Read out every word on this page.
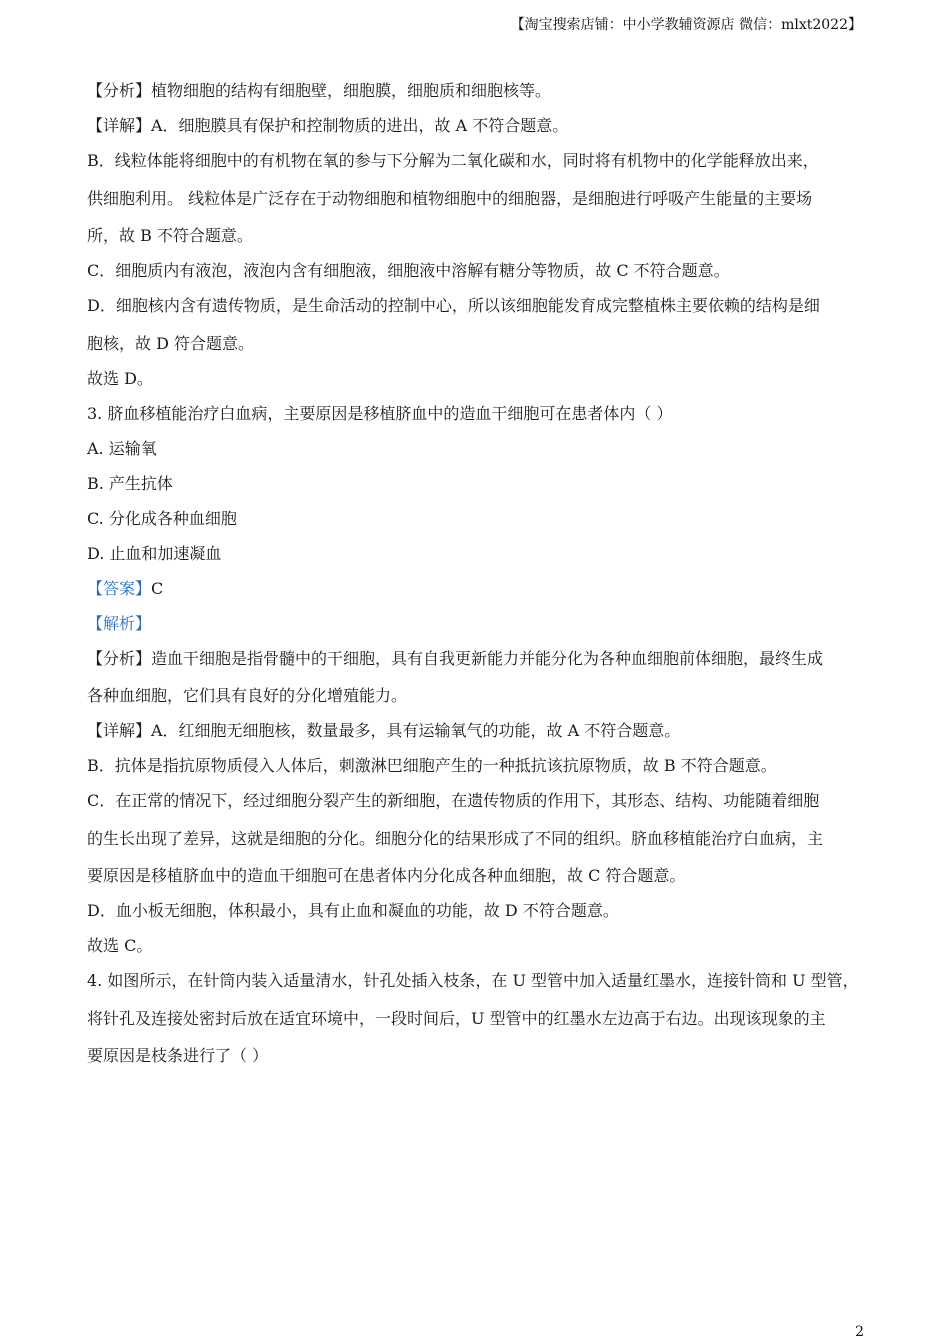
【淘宝搜索店铺：中小学教辅资源店 微信：mlxt2022】
【分析】植物细胞的结构有细胞壁，细胞膜，细胞质和细胞核等。
【详解】A．细胞膜具有保护和控制物质的进出，故 A 不符合题意。
B．线粒体能将细胞中的有机物在氧的参与下分解为二氧化碳和水，同时将有机物中的化学能释放出来，
供细胞利用。 线粒体是广泛存在于动物细胞和植物细胞中的细胞器，是细胞进行呼吸产生能量的主要场
所，故 B 不符合题意。
C．细胞质内有液泡，液泡内含有细胞液，细胞液中溶解有糖分等物质，故 C 不符合题意。
D．细胞核内含有遗传物质，是生命活动的控制中心，所以该细胞能发育成完整植株主要依赖的结构是细
胞核，故 D 符合题意。
故选 D。
3. 脐血移植能治疗白血病，主要原因是移植脐血中的造血干细胞可在患者体内（ ）
A. 运输氧
B. 产生抗体
C. 分化成各种血细胞
D. 止血和加速凝血
【答案】C
【解析】
【分析】造血干细胞是指骨髓中的干细胞，具有自我更新能力并能分化为各种血细胞前体细胞，最终生成
各种血细胞，它们具有良好的分化增殖能力。
【详解】A．红细胞无细胞核，数量最多，具有运输氧气的功能，故 A 不符合题意。
B．抗体是指抗原物质侵入人体后，刺激淋巴细胞产生的一种抵抗该抗原物质，故 B 不符合题意。
C．在正常的情况下，经过细胞分裂产生的新细胞，在遗传物质的作用下，其形态、结构、功能随着细胞
的生长出现了差异，这就是细胞的分化。细胞分化的结果形成了不同的组织。脐血移植能治疗白血病，主
要原因是移植脐血中的造血干细胞可在患者体内分化成各种血细胞，故 C 符合题意。
D．血小板无细胞，体积最小，具有止血和凝血的功能，故 D 不符合题意。
故选 C。
4. 如图所示，在针筒内装入适量清水，针孔处插入枝条，在 U 型管中加入适量红墨水，连接针筒和 U 型管，
将针孔及连接处密封后放在适宜环境中，一段时间后，U 型管中的红墨水左边高于右边。出现该现象的主
要原因是枝条进行了（ ）
2
